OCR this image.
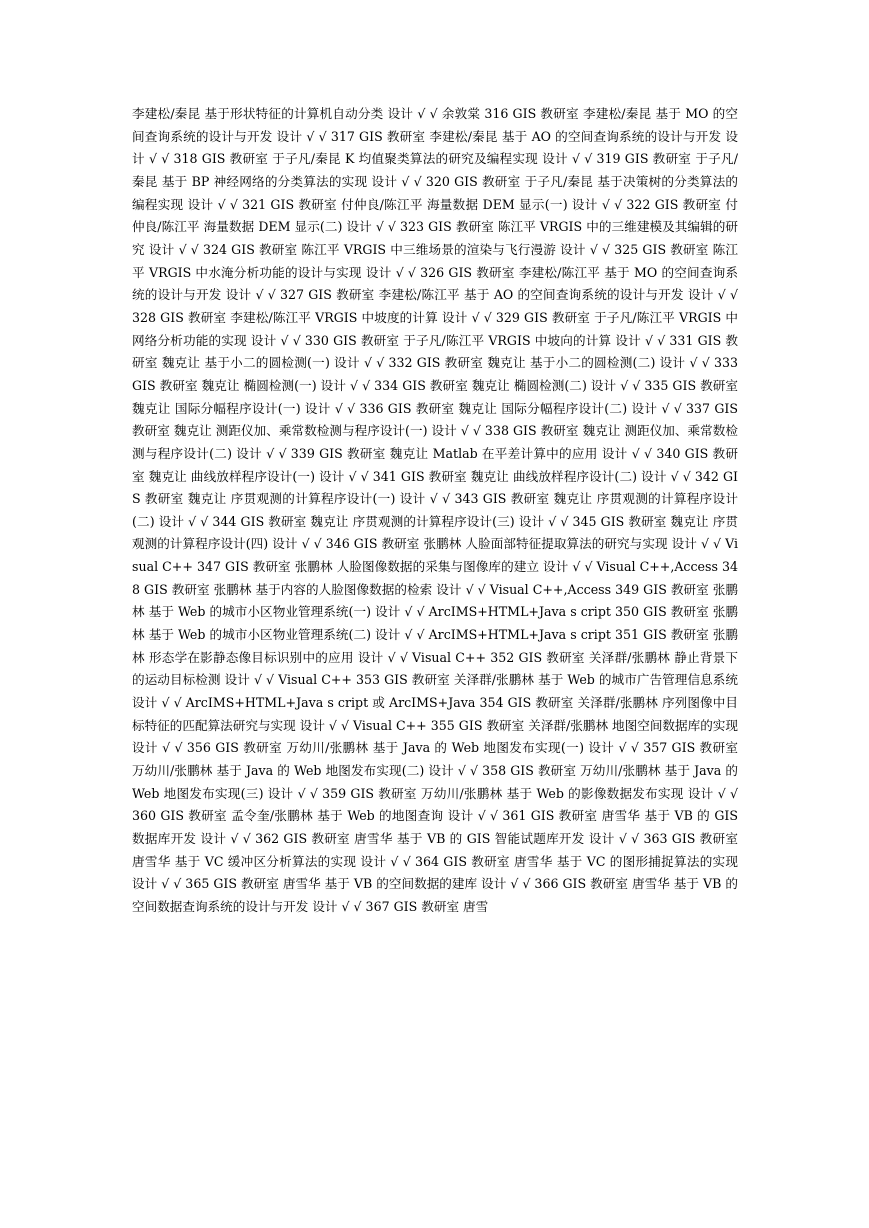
李建松/秦昆 基于形状特征的计算机自动分类 设计 √ √ 余敦棠 316 GIS 教研室 李建松/秦昆 基于 MO 的空间查询系统的设计与开发 设计 √ √ 317 GIS 教研室 李建松/秦昆 基于 AO 的空间查询系统的设计与开发 设计 √ √ 318 GIS 教研室 于子凡/秦昆 K 均值聚类算法的研究及编程实现 设计 √ √ 319 GIS 教研室 于子凡/秦昆 基于 BP 神经网络的分类算法的实现 设计 √ √ 320 GIS 教研室 于子凡/秦昆 基于决策树的分类算法的编程实现 设计 √ √ 321 GIS 教研室 付仲良/陈江平 海量数据 DEM 显示(一) 设计 √ √ 322 GIS 教研室 付仲良/陈江平 海量数据 DEM 显示(二) 设计 √ √ 323 GIS 教研室 陈江平 VRGIS 中的三维建模及其编辑的研究 设计 √ √ 324 GIS 教研室 陈江平 VRGIS 中三维场景的渲染与飞行漫游 设计 √ √ 325 GIS 教研室 陈江平 VRGIS 中水淹分析功能的设计与实现 设计 √ √ 326 GIS 教研室 李建松/陈江平 基于 MO 的空间查询系统的设计与开发 设计 √ √ 327 GIS 教研室 李建松/陈江平 基于 AO 的空间查询系统的设计与开发 设计 √ √ 328 GIS 教研室 李建松/陈江平 VRGIS 中坡度的计算 设计 √ √ 329 GIS 教研室 于子凡/陈江平 VRGIS 中网络分析功能的实现 设计 √ √ 330 GIS 教研室 于子凡/陈江平 VRGIS 中坡向的计算 设计 √ √ 331 GIS 教研室 魏克让 基于小二的圆检测(一) 设计 √ √ 332 GIS 教研室 魏克让 基于小二的圆检测(二) 设计 √ √ 333 GIS 教研室 魏克让 椭圆检测(一) 设计 √ √ 334 GIS 教研室 魏克让 椭圆检测(二) 设计 √ √ 335 GIS 教研室 魏克让 国际分幅程序设计(一) 设计 √ √ 336 GIS 教研室 魏克让 国际分幅程序设计(二) 设计 √ √ 337 GIS 教研室 魏克让 测距仪加、乘常数检测与程序设计(一) 设计 √ √ 338 GIS 教研室 魏克让 测距仪加、乘常数检测与程序设计(二) 设计 √ √ 339 GIS 教研室 魏克让 Matlab 在平差计算中的应用 设计 √ √ 340 GIS 教研室 魏克让 曲线放样程序设计(一) 设计 √ √ 341 GIS 教研室 魏克让 曲线放样程序设计(二) 设计 √ √ 342 GIS 教研室 魏克让 序贯观测的计算程序设计(一) 设计 √ √ 343 GIS 教研室 魏克让 序贯观测的计算程序设计(二) 设计 √ √ 344 GIS 教研室 魏克让 序贯观测的计算程序设计(三) 设计 √ √ 345 GIS 教研室 魏克让 序贯观测的计算程序设计(四) 设计 √ √ 346 GIS 教研室 张鹏林 人脸面部特征提取算法的研究与实现 设计 √ √ Visual C++ 347 GIS 教研室 张鹏林 人脸图像数据的采集与图像库的建立 设计 √ √ Visual C++,Access 348 GIS 教研室 张鹏林 基于内容的人脸图像数据的检索 设计 √ √ Visual C++,Access 349 GIS 教研室 张鹏林 基于 Web 的城市小区物业管理系统(一) 设计 √ √ ArcIMS+HTML+Java s cript 350 GIS 教研室 张鹏林 基于 Web 的城市小区物业管理系统(二) 设计 √ √ ArcIMS+HTML+Java s cript 351 GIS 教研室 张鹏林 形态学在影静态像目标识别中的应用 设计 √ √ Visual C++ 352 GIS 教研室 关泽群/张鹏林 静止背景下的运动目标检测 设计 √ √ Visual C++ 353 GIS 教研室 关泽群/张鹏林 基于 Web 的城市广告管理信息系统 设计 √ √ ArcIMS+HTML+Java s cript 或 ArcIMS+Java 354 GIS 教研室 关泽群/张鹏林 序列图像中目标特征的匹配算法研究与实现 设计 √ √ Visual C++ 355 GIS 教研室 关泽群/张鹏林 地图空间数据库的实现 设计 √ √ 356 GIS 教研室 万幼川/张鹏林 基于 Java 的 Web 地图发布实现(一) 设计 √ √ 357 GIS 教研室 万幼川/张鹏林 基于 Java 的 Web 地图发布实现(二) 设计 √ √ 358 GIS 教研室 万幼川/张鹏林 基于 Java 的 Web 地图发布实现(三) 设计 √ √ 359 GIS 教研室 万幼川/张鹏林 基于 Web 的影像数据发布实现 设计 √ √ 360 GIS 教研室 孟令奎/张鹏林 基于 Web 的地图查询 设计 √ √ 361 GIS 教研室 唐雪华 基于 VB 的 GIS 数据库开发 设计 √ √ 362 GIS 教研室 唐雪华 基于 VB 的 GIS 智能试题库开发 设计 √ √ 363 GIS 教研室 唐雪华 基于 VC 缓冲区分析算法的实现 设计 √ √ 364 GIS 教研室 唐雪华 基于 VC 的图形捕捉算法的实现 设计 √ √ 365 GIS 教研室 唐雪华 基于 VB 的空间数据的建库 设计 √ √ 366 GIS 教研室 唐雪华 基于 VB 的空间数据查询系统的设计与开发 设计 √ √ 367 GIS 教研室 唐雪
